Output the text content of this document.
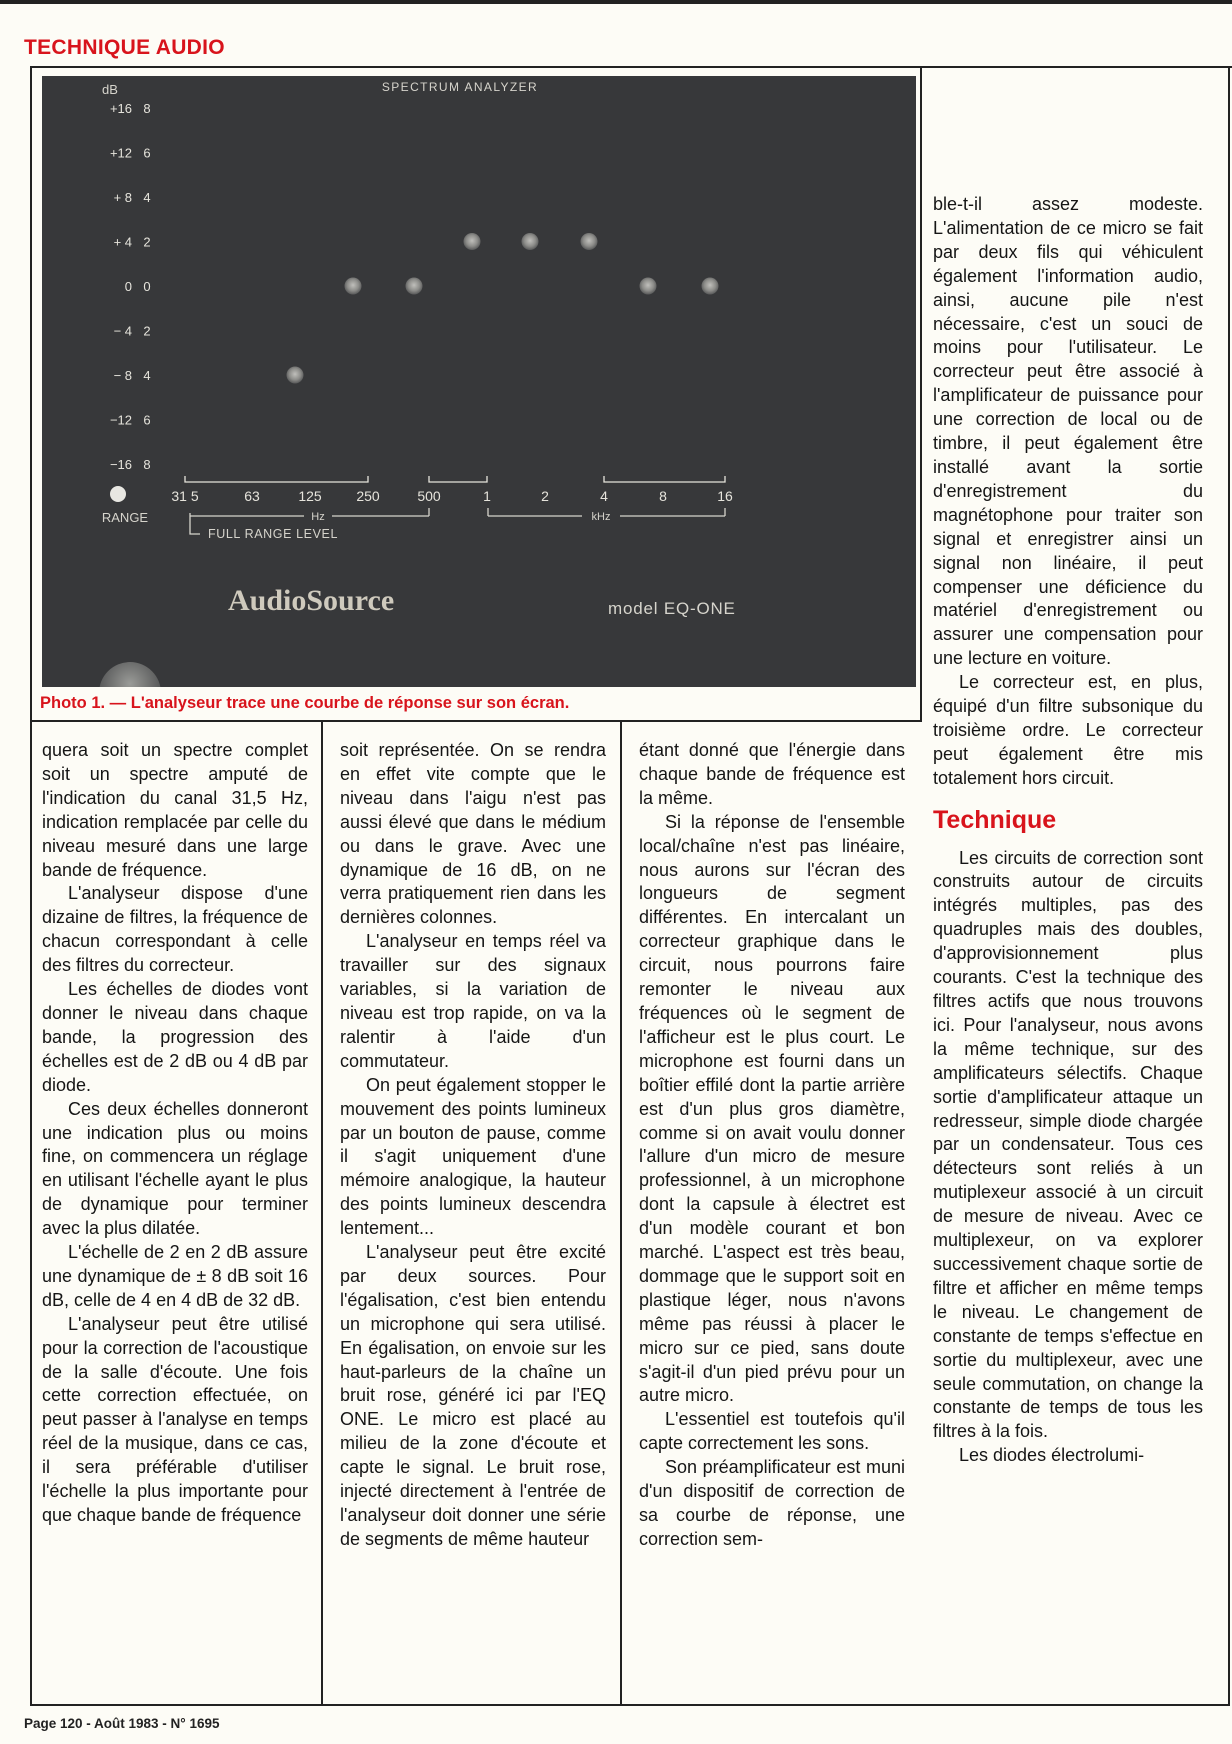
TECHNIQUE AUDIO
SPECTRUM ANALYZER
dB
+16 8
+12 6
+ 8 4
+ 4 2
0 0
− 4 2
− 8 4
−12 6
−16 8
RANGE
31 5	63	125 250	500	1	2	4	8	16
Hz	kHz
FULL RANGE LEVEL
AudioSource	model EQ-ONE
Photo 1. — L'analyseur trace une courbe de réponse sur son écran.

quera soit un spectre complet soit un spectre amputé de l'indication du canal 31,5 Hz, indication remplacée par celle du niveau mesuré dans une large bande de fréquence.

L'analyseur dispose d'une dizaine de filtres, la fréquence de chacun correspondant à celle des filtres du correcteur.

Les échelles de diodes vont donner le niveau dans chaque bande, la progression des échelles est de 2 dB ou 4 dB par diode.

Ces deux échelles donneront une indication plus ou moins fine, on commencera un réglage en utilisant l'échelle ayant le plus de dynamique pour terminer avec la plus dilatée.

L'échelle de 2 en 2 dB assure une dynamique de ± 8 dB soit 16 dB, celle de 4 en 4 dB de 32 dB.

L'analyseur peut être utilisé pour la correction de l'acoustique de la salle d'écoute. Une fois cette correction effectuée, on peut passer à l'analyse en temps réel de la musique, dans ce cas, il sera préférable d'utiliser l'échelle la plus importante pour que chaque bande de fréquence

soit représentée. On se rendra en effet vite compte que le niveau dans l'aigu n'est pas aussi élevé que dans le médium ou dans le grave. Avec une dynamique de 16 dB, on ne verra pratiquement rien dans les dernières colonnes.

L'analyseur en temps réel va travailler sur des signaux variables, si la variation de niveau est trop rapide, on va la ralentir à l'aide d'un commutateur.

On peut également stopper le mouvement des points lumineux par un bouton de pause, comme il s'agit uniquement d'une mémoire analogique, la hauteur des points lumineux descendra lentement...

L'analyseur peut être excité par deux sources. Pour l'égalisation, c'est bien entendu un microphone qui sera utilisé. En égalisation, on envoie sur les haut-parleurs de la chaîne un bruit rose, généré ici par l'EQ ONE. Le micro est placé au milieu de la zone d'écoute et capte le signal. Le bruit rose, injecté directement à l'entrée de l'analyseur doit donner une série de segments de même hauteur

étant donné que l'énergie dans chaque bande de fréquence est la même.

Si la réponse de l'ensemble local/chaîne n'est pas linéaire, nous aurons sur l'écran des longueurs de segment différentes. En intercalant un correcteur graphique dans le circuit, nous pourrons faire remonter le niveau aux fréquences où le segment de l'afficheur est le plus court. Le microphone est fourni dans un boîtier effilé dont la partie arrière est d'un plus gros diamètre, comme si on avait voulu donner l'allure d'un micro de mesure professionnel, à un microphone dont la capsule à électret est d'un modèle courant et bon marché. L'aspect est très beau, dommage que le support soit en plastique léger, nous n'avons même pas réussi à placer le micro sur ce pied, sans doute s'agit-il d'un pied prévu pour un autre micro.

L'essentiel est toutefois qu'il capte correctement les sons.

Son préamplificateur est muni d'un dispositif de correction de sa courbe de réponse, une correction sem-

ble-t-il assez modeste. L'alimentation de ce micro se fait par deux fils qui véhiculent également l'information audio, ainsi, aucune pile n'est nécessaire, c'est un souci de moins pour l'utilisateur. Le correcteur peut être associé à l'amplificateur de puissance pour une correction de local ou de timbre, il peut également être installé avant la sortie d'enregistrement du magnétophone pour traiter son signal et enregistrer ainsi un signal non linéaire, il peut compenser une déficience du matériel d'enregistrement ou assurer une compensation pour une lecture en voiture.

Le correcteur est, en plus, équipé d'un filtre subsonique du troisième ordre. Le correcteur peut également être mis totalement hors circuit.

Technique

Les circuits de correction sont construits autour de circuits intégrés multiples, pas des quadruples mais des doubles, d'approvisionnement plus courants. C'est la technique des filtres actifs que nous trouvons ici. Pour l'analyseur, nous avons la même technique, sur des amplificateurs sélectifs. Chaque sortie d'amplificateur attaque un redresseur, simple diode chargée par un condensateur. Tous ces détecteurs sont reliés à un mutiplexeur associé à un circuit de mesure de niveau. Avec ce multiplexeur, on va explorer successivement chaque sortie de filtre et afficher en même temps le niveau. Le changement de constante de temps s'effectue en sortie du multiplexeur, avec une seule commutation, on change la constante de temps de tous les filtres à la fois.

Les diodes électrolumi-

Page 120 - Août 1983 - N° 1695
